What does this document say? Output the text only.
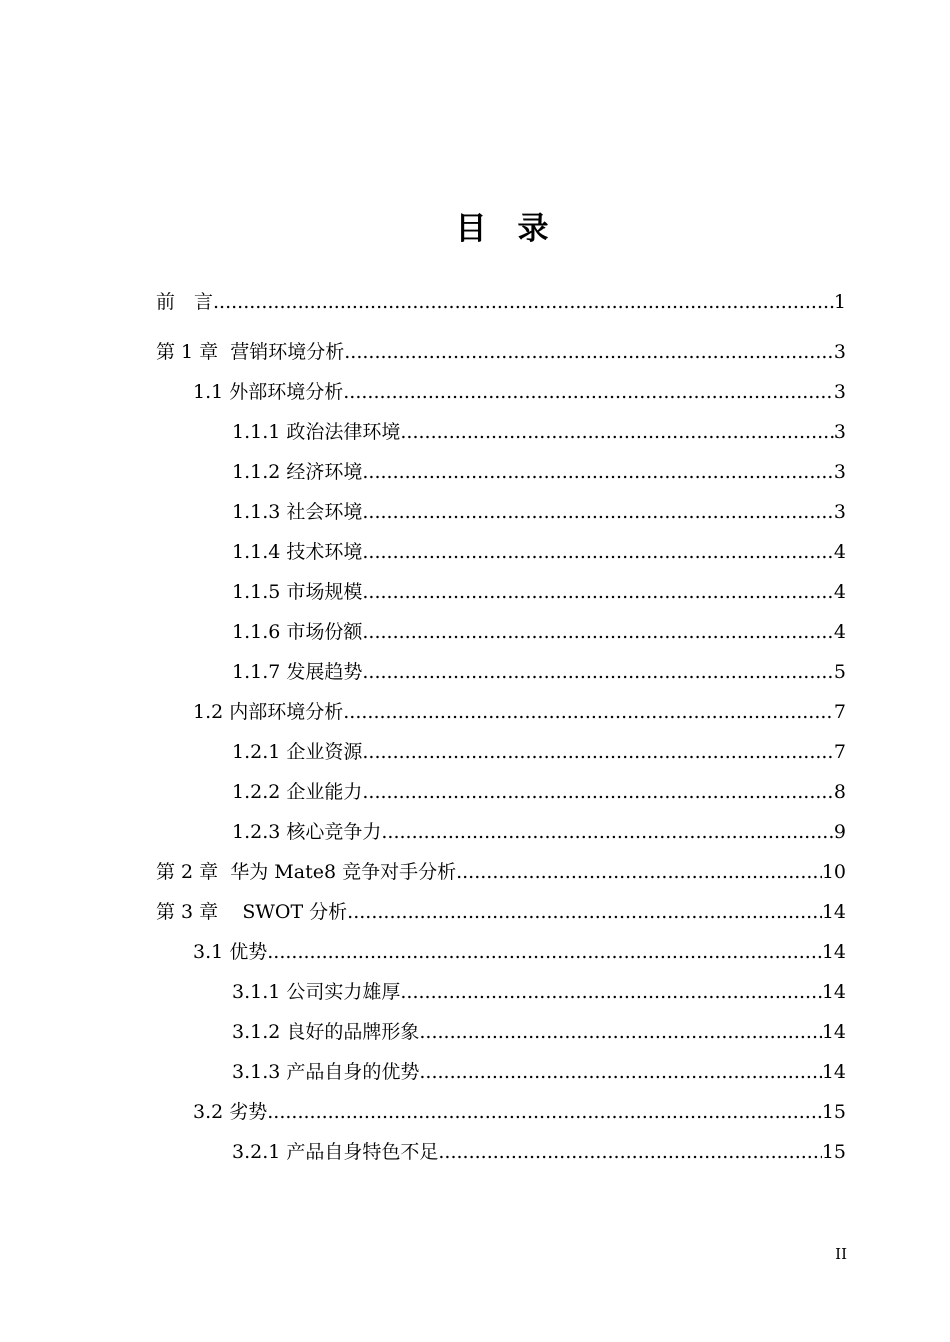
目　录
前　言 .....	1
第 1 章  营销环境分析 .....	3
1.1 外部环境分析 .....	3
1.1.1 政治法律环境 .....	3
1.1.2 经济环境 .....	3
1.1.3 社会环境 .....	3
1.1.4 技术环境 .....	4
1.1.5 市场规模 .....	4
1.1.6 市场份额 .....	4
1.1.7 发展趋势 .....	5
1.2 内部环境分析 .....	7
1.2.1 企业资源 .....	7
1.2.2 企业能力 .....	8
1.2.3 核心竞争力 .....	9
第 2 章  华为 Mate8 竞争对手分析 .....	10
第 3 章    SWOT 分析 .....	14
3.1 优势 .....	14
3.1.1 公司实力雄厚 .....	14
3.1.2 良好的品牌形象 .....	14
3.1.3 产品自身的优势 .....	14
3.2 劣势 .....	15
3.2.1 产品自身特色不足 .....	15
II
